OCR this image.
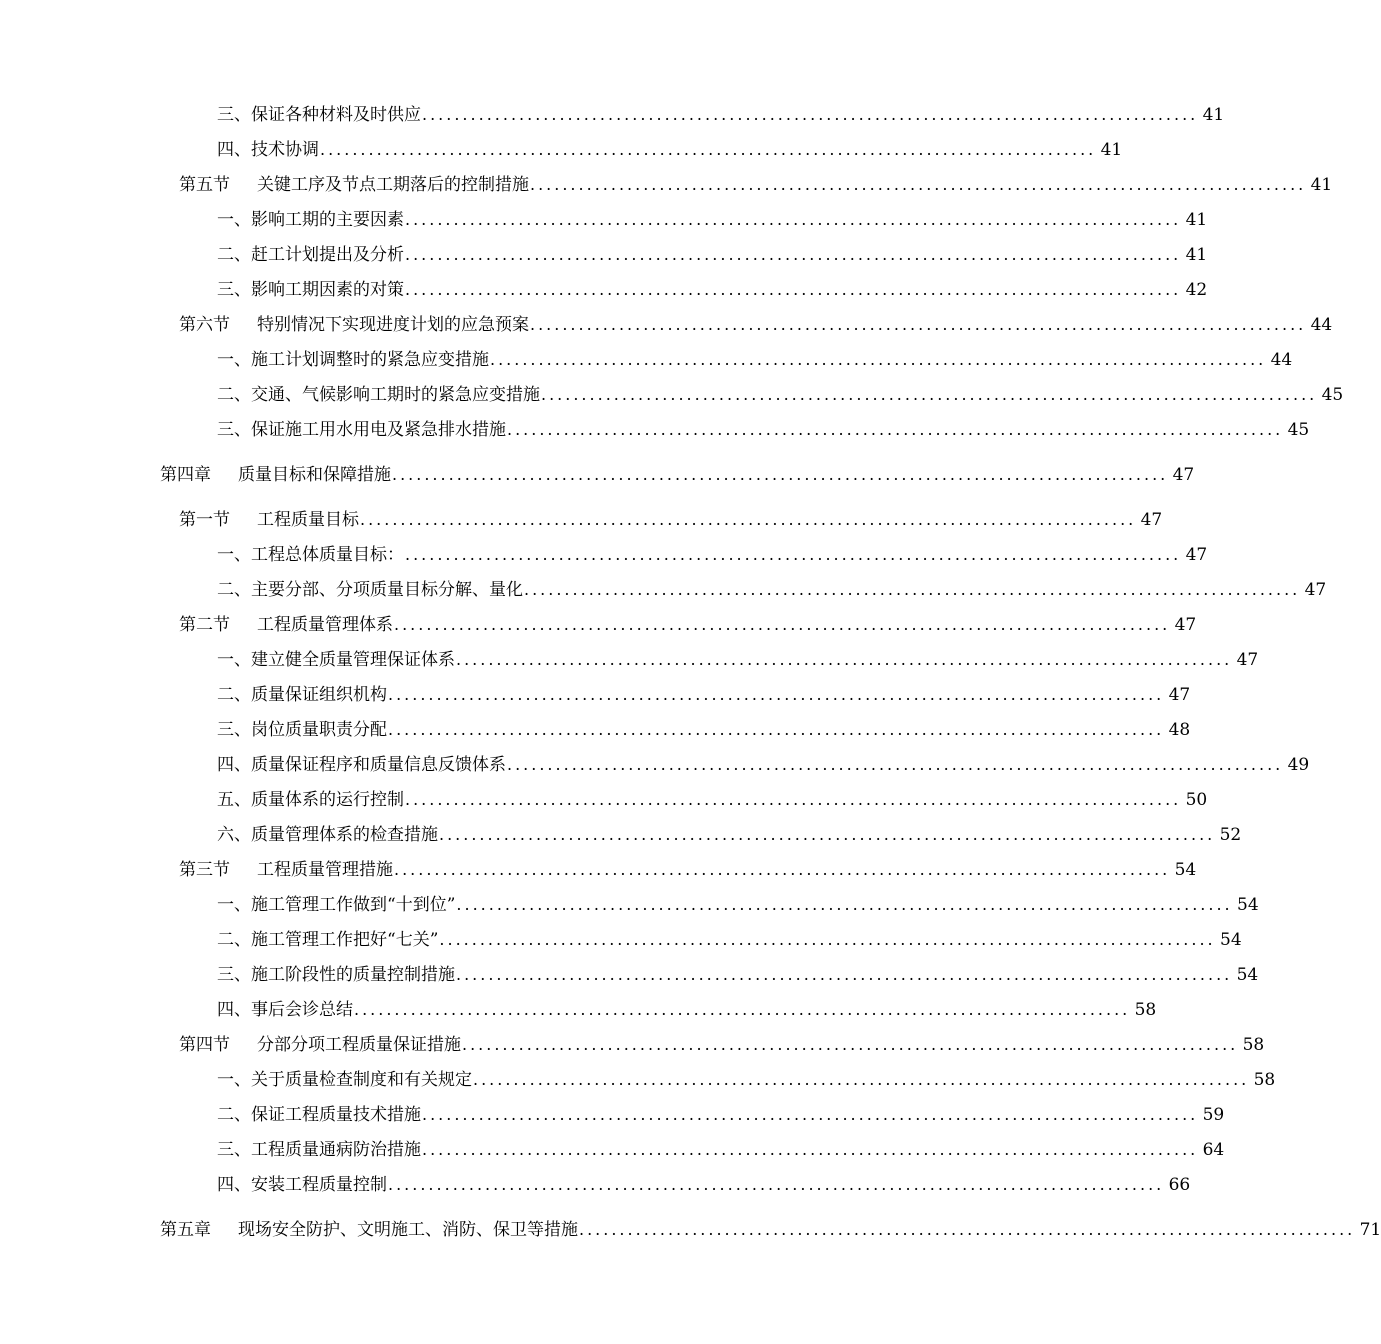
三、保证各种材料及时供应 ................................................................................................ 41
四、技术协调 ................................................................................................ 41
第五节	关键工序及节点工期落后的控制措施 ................................................................................................ 41
一、影响工期的主要因素 ................................................................................................ 41
二、赶工计划提出及分析 ................................................................................................ 41
三、影响工期因素的对策 ................................................................................................ 42
第六节	特别情况下实现进度计划的应急预案 ................................................................................................ 44
一、施工计划调整时的紧急应变措施 ................................................................................................ 44
二、交通、气候影响工期时的紧急应变措施 ................................................................................................ 45
三、保证施工用水用电及紧急排水措施 ................................................................................................ 45
第四章	质量目标和保障措施 ................................................................................................ 47
第一节	工程质量目标 ................................................................................................ 47
一、工程总体质量目标： ................................................................................................ 47
二、主要分部、分项质量目标分解、量化 ................................................................................................ 47
第二节	工程质量管理体系 ................................................................................................ 47
一、建立健全质量管理保证体系 ................................................................................................ 47
二、质量保证组织机构 ................................................................................................ 47
三、岗位质量职责分配 ................................................................................................ 48
四、质量保证程序和质量信息反馈体系 ................................................................................................ 49
五、质量体系的运行控制 ................................................................................................ 50
六、质量管理体系的检查措施 ................................................................................................ 52
第三节	工程质量管理措施 ................................................................................................ 54
一、施工管理工作做到“十到位” ................................................................................................ 54
二、施工管理工作把好“七关” ................................................................................................ 54
三、施工阶段性的质量控制措施 ................................................................................................ 54
四、事后会诊总结 ................................................................................................ 58
第四节	分部分项工程质量保证措施 ................................................................................................ 58
一、关于质量检查制度和有关规定 ................................................................................................ 58
二、保证工程质量技术措施 ................................................................................................ 59
三、工程质量通病防治措施 ................................................................................................ 64
四、安装工程质量控制 ................................................................................................ 66
第五章	现场安全防护、文明施工、消防、保卫等措施 ................................................................................................ 71
